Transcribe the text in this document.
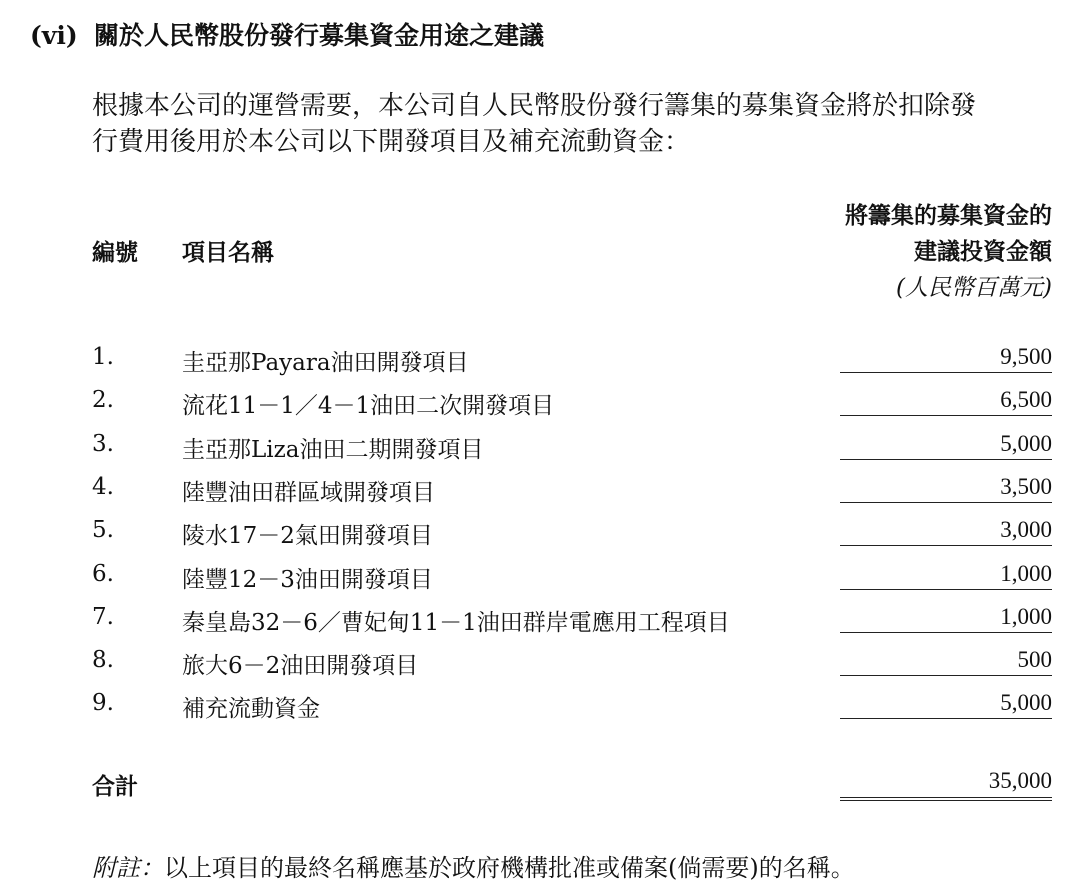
(vi) 關於人民幣股份發行募集資金用途之建議
根據本公司的運營需要，本公司自人民幣股份發行籌集的募集資金將於扣除發
行費用後用於本公司以下開發項目及補充流動資金：
編號 項目名稱
將籌集的募集資金的
建議投資金額
(人民幣百萬元)
1.	圭亞那Payara油田開發項目	9,500
2.	流花11－1／4－1油田二次開發項目	6,500
3.	圭亞那Liza油田二期開發項目	5,000
4.	陸豐油田群區域開發項目	3,500
5.	陵水17－2氣田開發項目	3,000
6.	陸豐12－3油田開發項目	1,000
7.	秦皇島32－6／曹妃甸11－1油田群岸電應用工程項目	1,000
8.	旅大6－2油田開發項目	500
9.	補充流動資金	5,000
合計	35,000
附註：以上項目的最終名稱應基於政府機構批准或備案(倘需要)的名稱。
